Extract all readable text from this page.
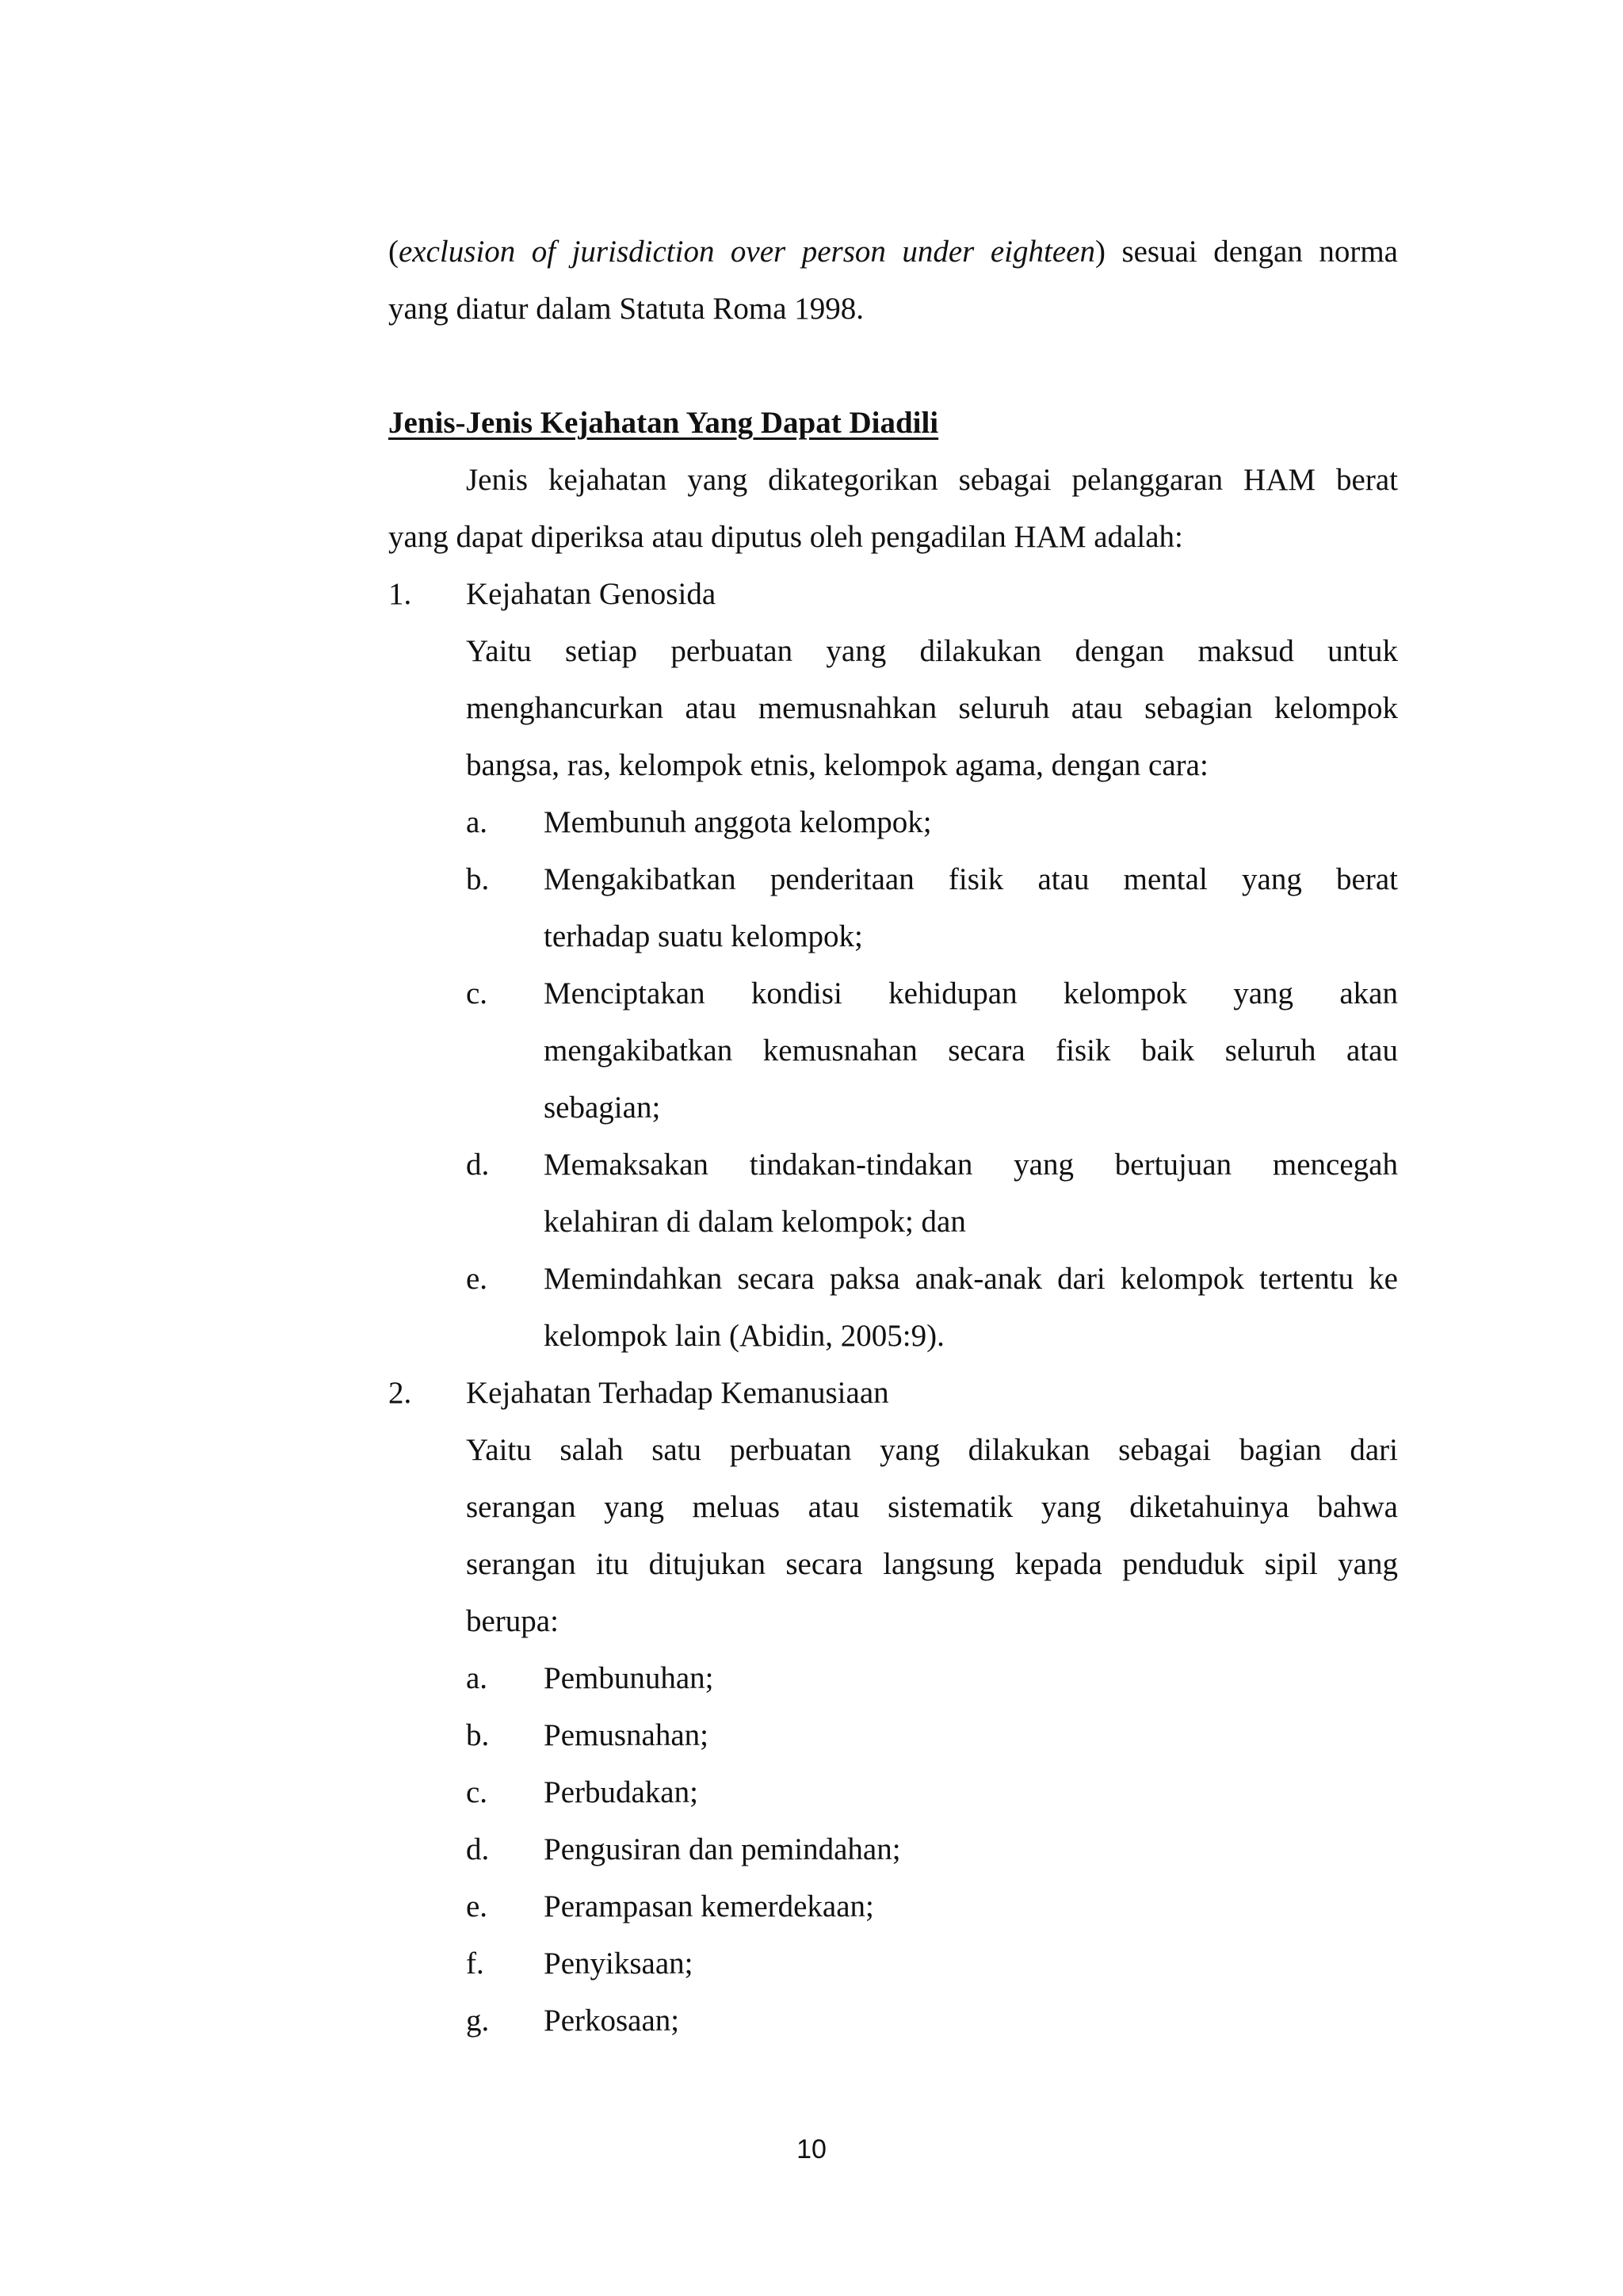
(exclusion of jurisdiction over person under eighteen) sesuai dengan norma
yang diatur dalam Statuta Roma 1998.
Jenis-Jenis Kejahatan Yang Dapat Diadili
Jenis kejahatan yang dikategorikan sebagai pelanggaran HAM berat
yang dapat diperiksa atau diputus oleh pengadilan HAM adalah:
1. Kejahatan Genosida
Yaitu setiap perbuatan yang dilakukan dengan maksud untuk
menghancurkan atau memusnahkan seluruh atau sebagian kelompok
bangsa, ras, kelompok etnis, kelompok agama, dengan cara:
a. Membunuh anggota kelompok;
b. Mengakibatkan penderitaan fisik atau mental yang berat
terhadap suatu kelompok;
c. Menciptakan kondisi kehidupan kelompok yang akan
mengakibatkan kemusnahan secara fisik baik seluruh atau
sebagian;
d. Memaksakan tindakan-tindakan yang bertujuan mencegah
kelahiran di dalam kelompok; dan
e. Memindahkan secara paksa anak-anak dari kelompok tertentu ke
kelompok lain (Abidin, 2005:9).
2. Kejahatan Terhadap Kemanusiaan
Yaitu salah satu perbuatan yang dilakukan sebagai bagian dari
serangan yang meluas atau sistematik yang diketahuinya bahwa
serangan itu ditujukan secara langsung kepada penduduk sipil yang
berupa:
a. Pembunuhan;
b. Pemusnahan;
c. Perbudakan;
d. Pengusiran dan pemindahan;
e. Perampasan kemerdekaan;
f. Penyiksaan;
g. Perkosaan;
10
